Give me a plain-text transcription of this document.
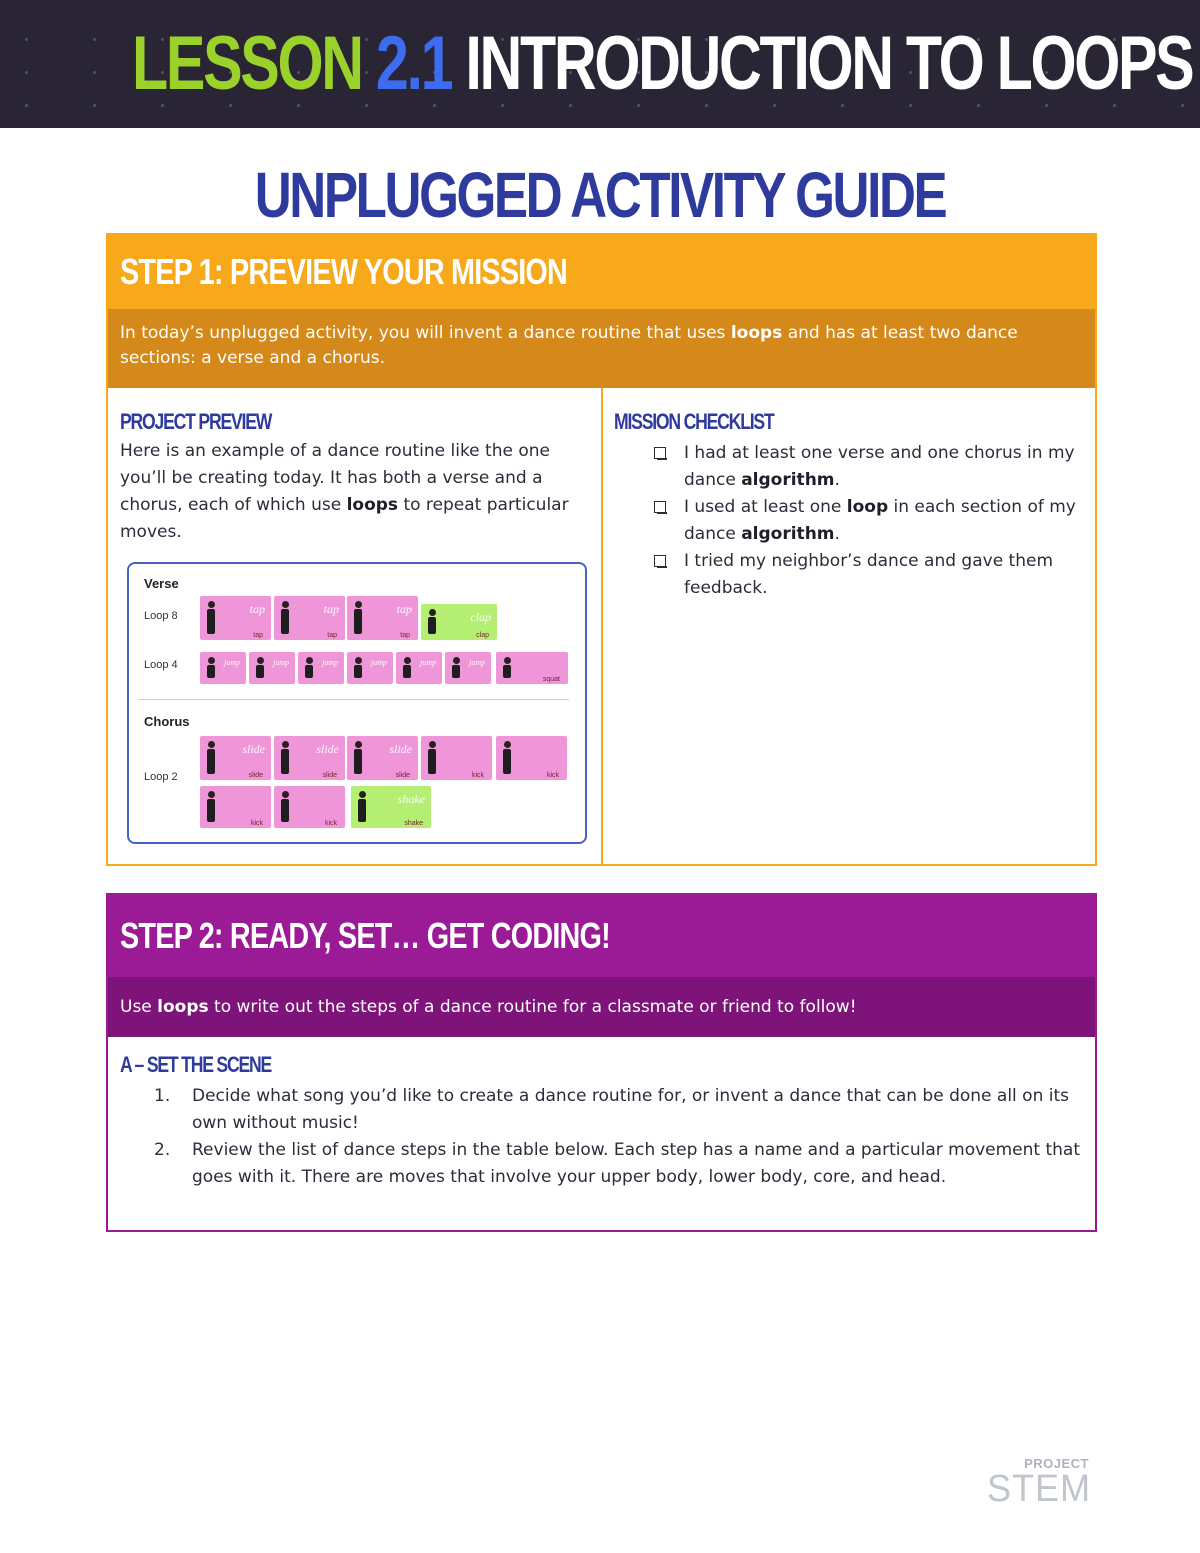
LESSON 2.1 INTRODUCTION TO LOOPS
UNPLUGGED ACTIVITY GUIDE
STEP 1: PREVIEW YOUR MISSION
In today’s unplugged activity, you will invent a dance routine that uses loops and has at least two dance sections: a verse and a chorus.
PROJECT PREVIEW
Here is an example of a dance routine like the one you’ll be creating today. It has both a verse and a chorus, each of which use loops to repeat particular moves.
Verse
Loop 8
Loop 4
Chorus
Loop 2
tap
tap
tap
tap
tap
tap
clap
clap
jump	jump	jump	jump	jump	jump
squat
slide
slide
slide
slide
slide
slide	kick	kick
kick	kick
shake
shake
MISSION CHECKLIST
I had at least one verse and one chorus in my dance algorithm.
I used at least one loop in each section of my dance algorithm.
I tried my neighbor’s dance and gave them feedback.
STEP 2: READY, SET… GET CODING!
Use loops to write out the steps of a dance routine for a classmate or friend to follow!
A – SET THE SCENE
1. Decide what song you’d like to create a dance routine for, or invent a dance that can be done all on its own without music!
2. Review the list of dance steps in the table below. Each step has a name and a particular movement that goes with it. There are moves that involve your upper body, lower body, core, and head.
PROJECT
STEM
